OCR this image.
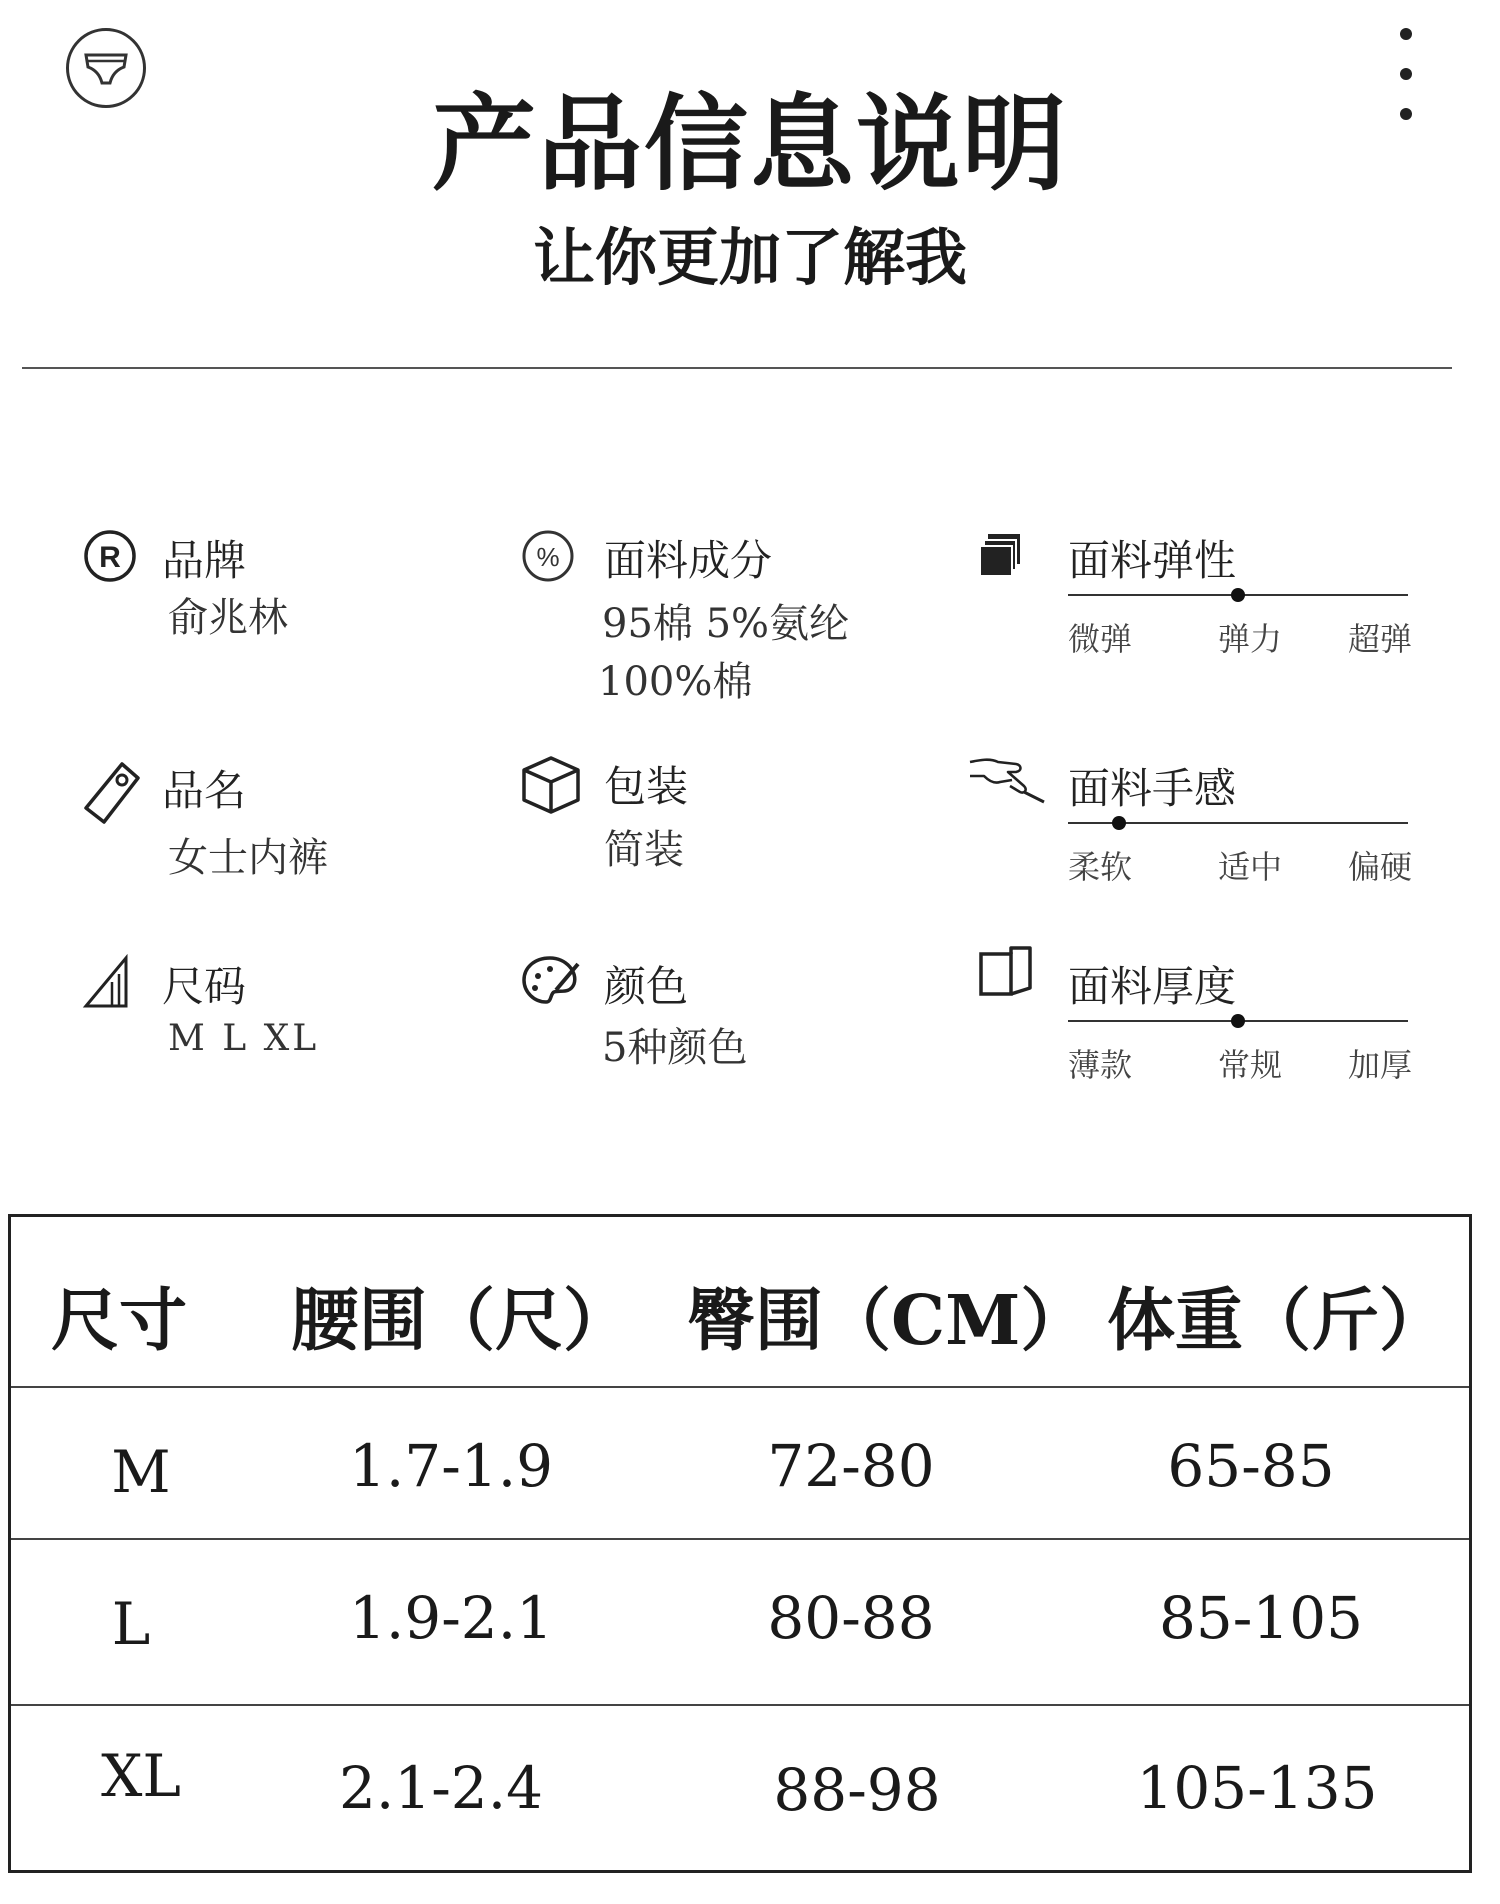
产品信息说明
让你更加了解我
R 品牌
俞兆林
品名
女士内裤
尺码
M L XL
% 面料成分
95棉 5%氨纶
100%棉
包装
简装
颜色
5种颜色
面料弹性
微弹	弹力 超弹
面料手感
柔软	适中 偏硬
面料厚度
薄款	常规 加厚
尺寸 腰围（尺） 臀围（CM） 体重（斤）
M	1.7-1.9	72-80	65-85
L	1.9-2.1	80-88	85-105
XL	2.1-2.4	88-98	105-135
